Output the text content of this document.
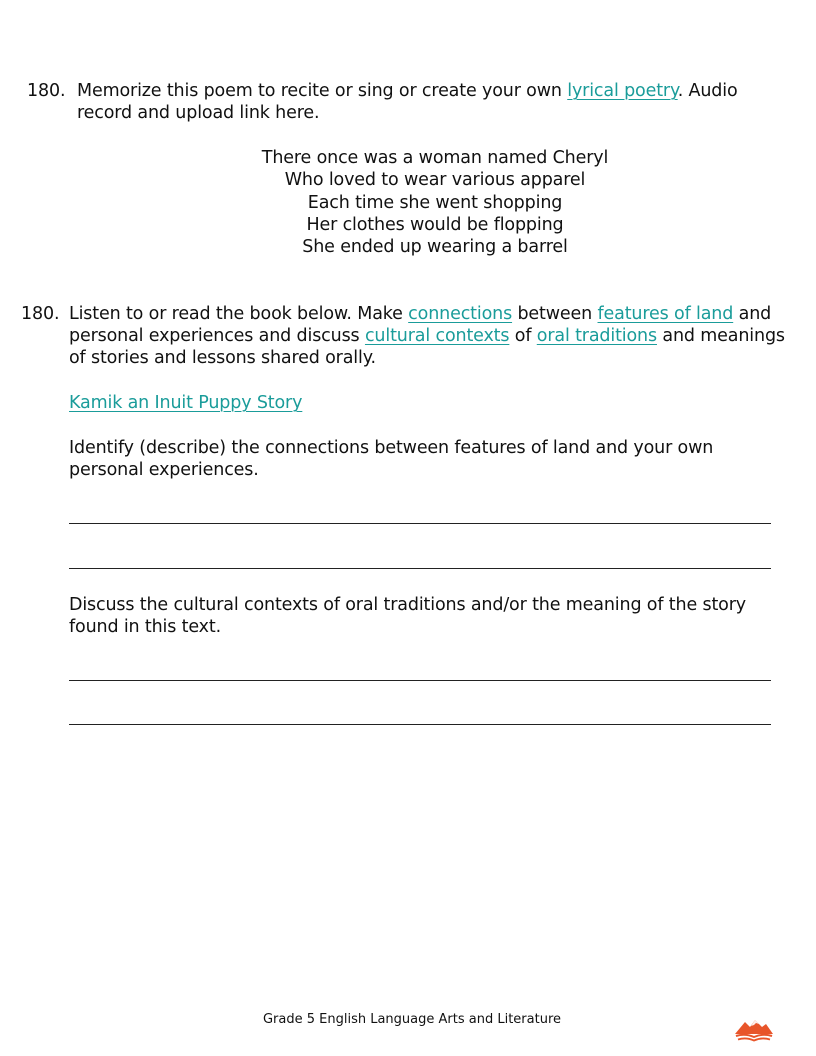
180. Memorize this poem to recite or sing or create your own lyrical poetry. Audio
record and upload link here.
There once was a woman named Cheryl
Who loved to wear various apparel
Each time she went shopping
Her clothes would be flopping
She ended up wearing a barrel
180. Listen to or read the book below. Make connections between features of land and
personal experiences and discuss cultural contexts of oral traditions and meanings
of stories and lessons shared orally.
Kamik an Inuit Puppy Story
Identify (describe) the connections between features of land and your own
personal experiences.
Discuss the cultural contexts of oral traditions and/or the meaning of the story
found in this text.
Grade 5 English Language Arts and Literature
